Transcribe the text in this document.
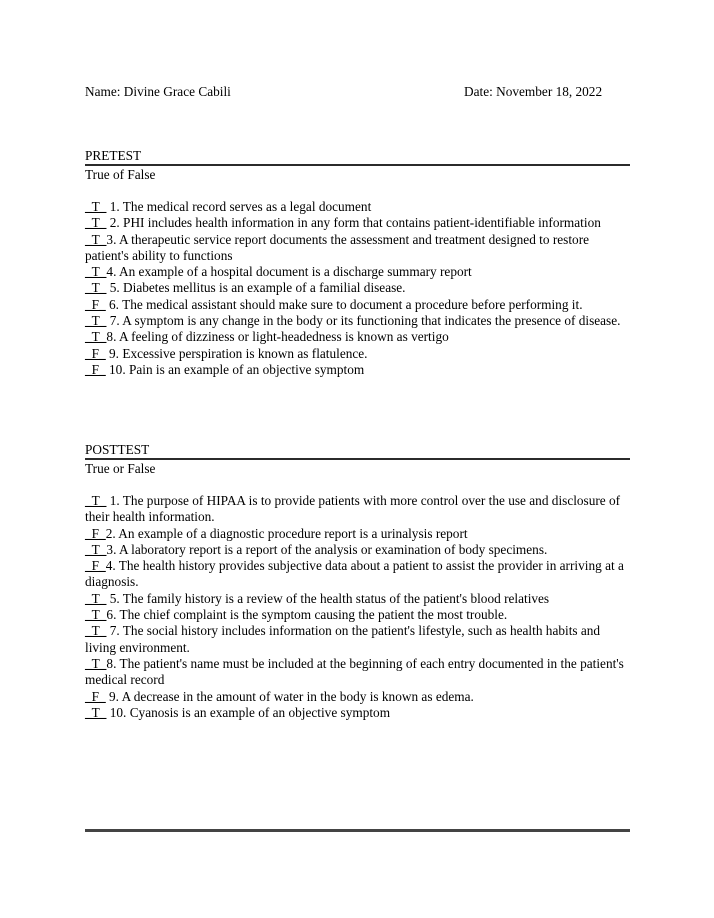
Name: Divine Grace Cabili	Date: November 18, 2022
PRETEST
True of False
_T_ 1. The medical record serves as a legal document
_T_ 2. PHI includes health information in any form that contains patient-identifiable information
_T_3. A therapeutic service report documents the assessment and treatment designed to restore patient's ability to functions
_T_4. An example of a hospital document is a discharge summary report
_T_ 5. Diabetes mellitus is an example of a familial disease.
_F_ 6. The medical assistant should make sure to document a procedure before performing it.
_T_ 7. A symptom is any change in the body or its functioning that indicates the presence of disease.
_T_8. A feeling of dizziness or light-headedness is known as vertigo
_F_ 9. Excessive perspiration is known as flatulence.
_F_ 10. Pain is an example of an objective symptom
POSTTEST
True or False
_T_ 1. The purpose of HIPAA is to provide patients with more control over the use and disclosure of their health information.
_F_2. An example of a diagnostic procedure report is a urinalysis report
_T_3. A laboratory report is a report of the analysis or examination of body specimens.
_F_4. The health history provides subjective data about a patient to assist the provider in arriving at a diagnosis.
_T_ 5. The family history is a review of the health status of the patient's blood relatives
_T_6. The chief complaint is the symptom causing the patient the most trouble.
_T_ 7. The social history includes information on the patient's lifestyle, such as health habits and living environment.
_T_8. The patient's name must be included at the beginning of each entry documented in the patient's medical record
_F_ 9. A decrease in the amount of water in the body is known as edema.
_T_ 10. Cyanosis is an example of an objective symptom
